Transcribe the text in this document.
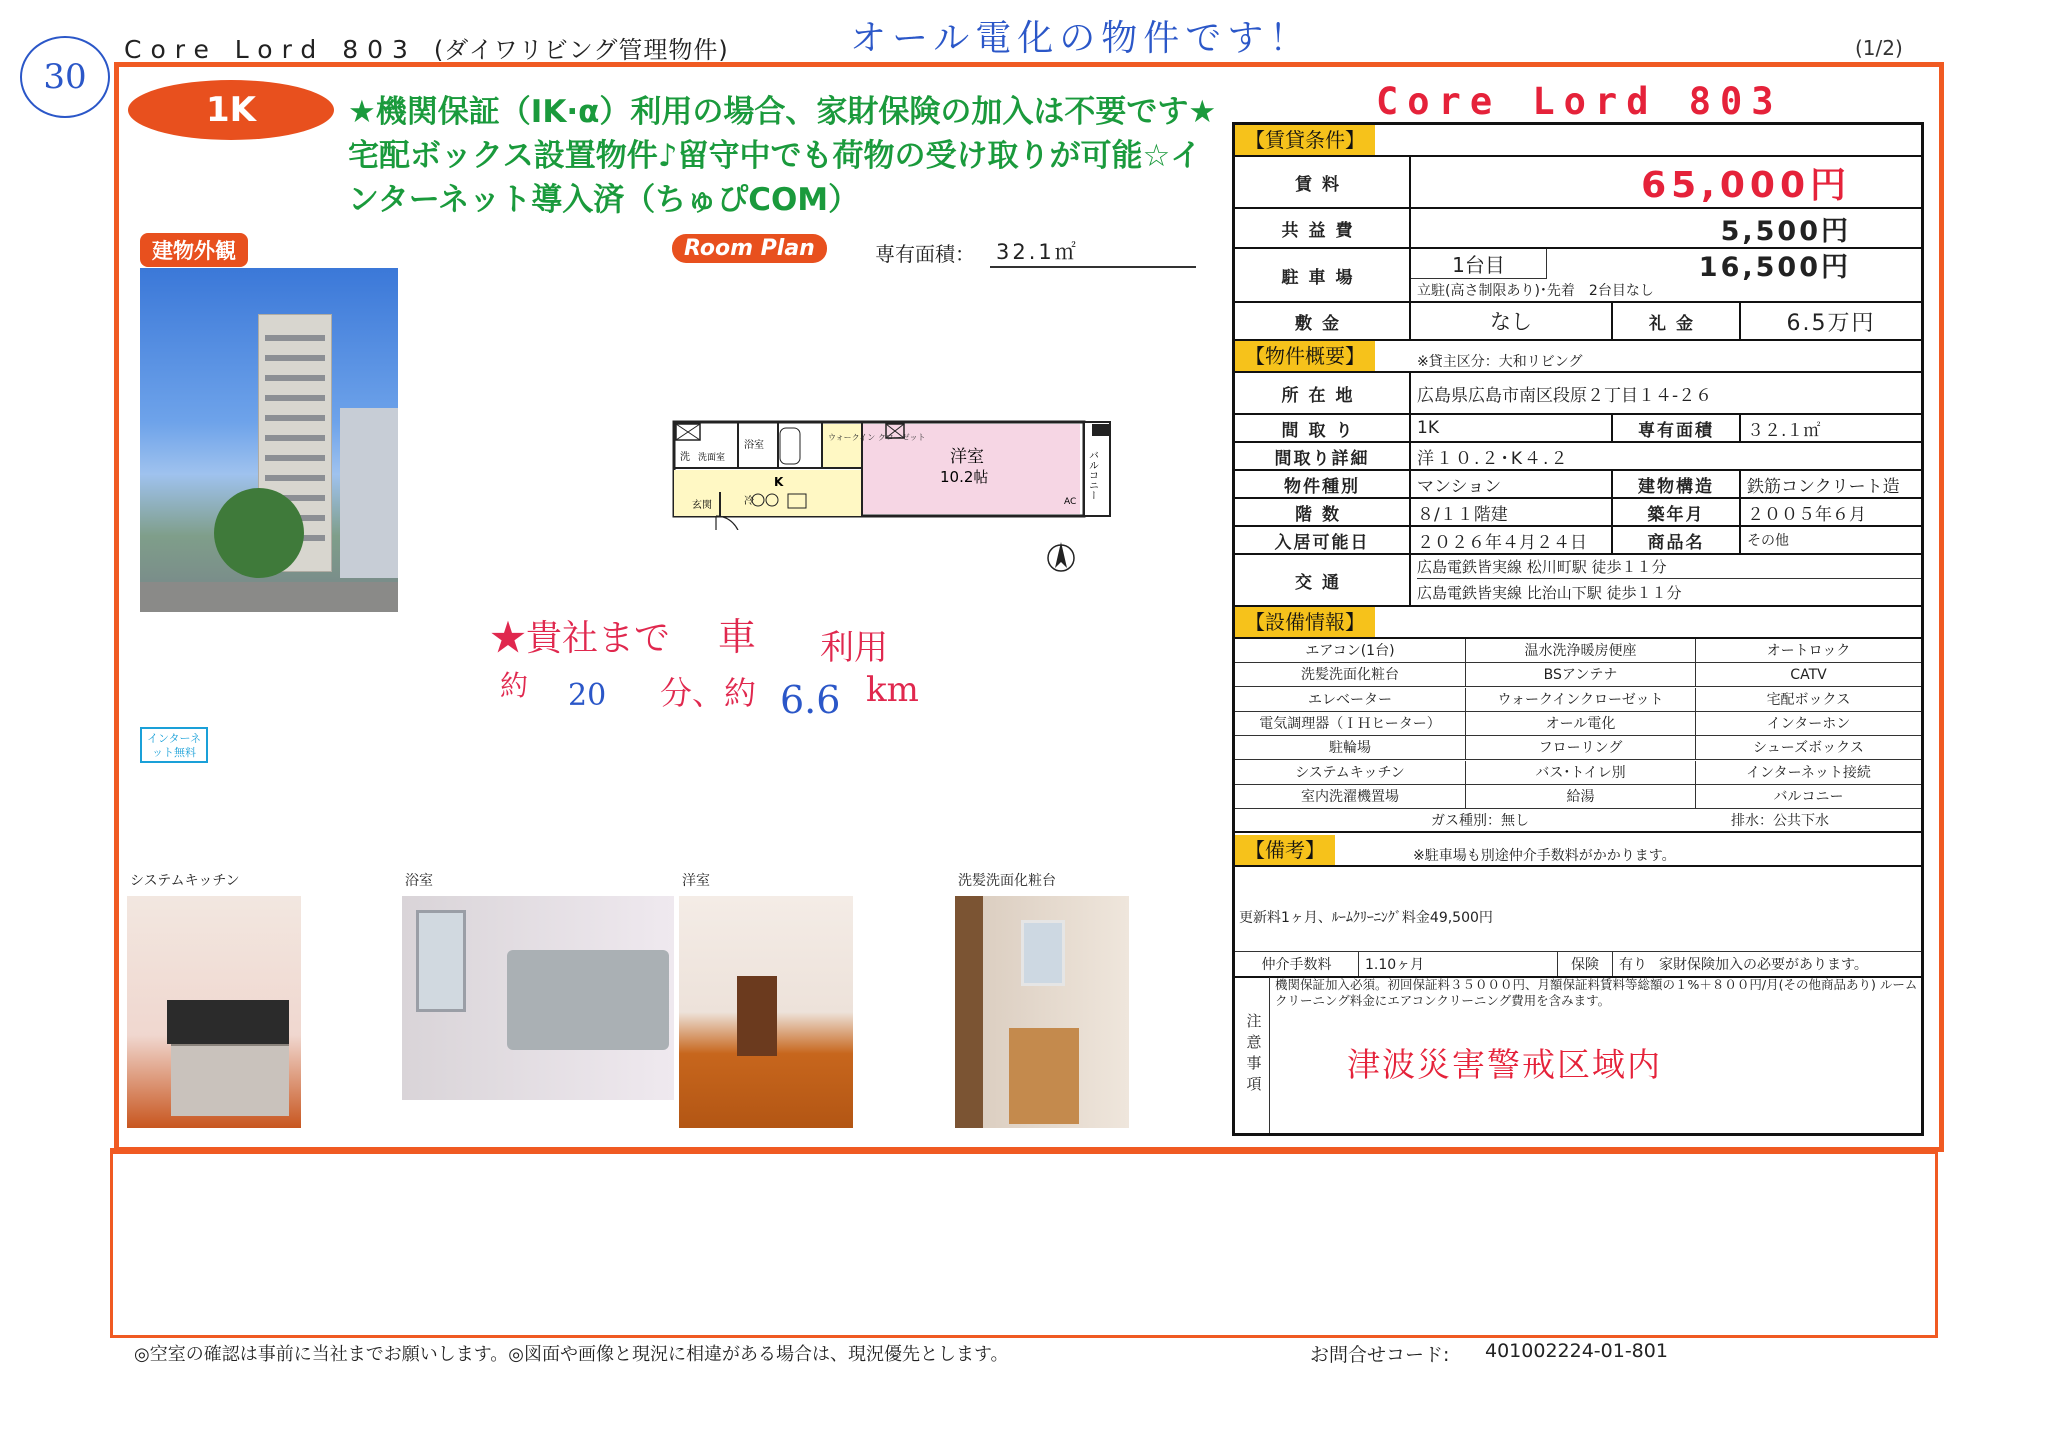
30
Core Lord 803 (ダイワリビング管理物件)	オール電化の物件です！	(1/2)
1K	★機関保証（IK·α）利用の場合、家財保険の加入は不要です★宅配ボックス設置物件♪留守中でも荷物の受け取りが可能☆インターネット導入済（ちゅぴCOM）
建物外観	Room Plan	専有面積： 32.1㎡
洗 洗面室
浴室
ウォークイン クローゼット
K
玄関	冷
洋室
10.2帖
AC
バルコニー
インターネット無料
★貴社まで 車 利用
約 20 分、約 6.6 km
システムキッチン	浴室	洋室	洗髪洗面化粧台
Core Lord 803
【賃貸条件】
賃料	65,000円
共益費	5,500円
駐車場
1台目	16,500円
立駐(高さ制限あり)･先着　2台目なし
敷金	なし	礼金	6.5万円
【物件概要】	※貸主区分：大和リビング
所在地	広島県広島市南区段原２丁目１４-２６
間取り	1K	専有面積	３２.１㎡
間取り詳細	洋１０.２･K４.２
物件種別	マンション	建物構造	鉄筋コンクリート造
階数	８/１１階建	築年月	２００５年６月
入居可能日	２０２６年４月２４日	商品名	その他
交通
広島電鉄皆実線 松川町駅 徒歩１１分
広島電鉄皆実線 比治山下駅 徒歩１１分
【設備情報】
エアコン(1台)	温水洗浄暖房便座	オートロック
洗髪洗面化粧台	BSアンテナ	CATV
エレベーター	ウォークインクローゼット	宅配ボックス
電気調理器（ＩＨヒーター）	オール電化	インターホン
駐輪場	フローリング	シューズボックス
システムキッチン	バス･トイレ別	インターネット接続
室内洗濯機置場	給湯	バルコニー
ガス種別：無し	排水：公共下水
【備考】	※駐車場も別途仲介手数料がかかります。
更新料1ヶ月、ﾙｰﾑｸﾘｰﾆﾝｸﾞ料金49,500円
仲介手数料	1.10ヶ月	保険	有り 家財保険加入の必要があります。
注意事項
機関保証加入必須。初回保証料３５０００円、月額保証料賃料等総額の１%＋８００円/月(その他商品あり) ルームクリーニング料金にエアコンクリーニング費用を含みます。
津波災害警戒区域内
◎空室の確認は事前に当社までお願いします。◎図面や画像と現況に相違がある場合は、現況優先とします。	お問合せコード: 401002224-01-801
